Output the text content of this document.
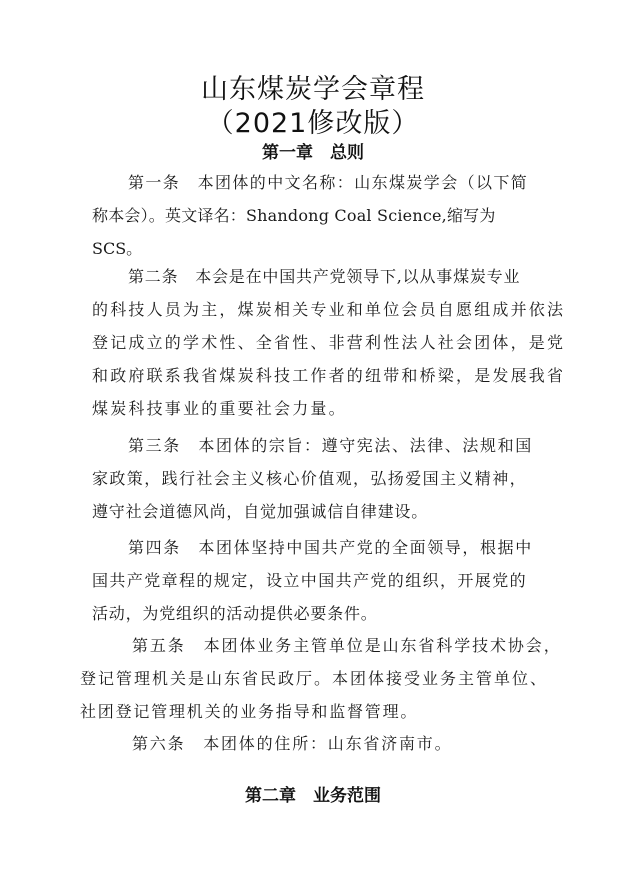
山东煤炭学会章程
（2021修改版）
第一章　总则
第一条　本团体的中文名称：山东煤炭学会（以下简
称本会）。英文译名：Shandong Coal Science,缩写为
SCS。
第二条　本会是在中国共产党领导下,以从事煤炭专业
的科技人员为主，煤炭相关专业和单位会员自愿组成并依法
登记成立的学术性、全省性、非营利性法人社会团体，是党
和政府联系我省煤炭科技工作者的纽带和桥梁，是发展我省
煤炭科技事业的重要社会力量。
第三条　本团体的宗旨：遵守宪法、法律、法规和国
家政策，践行社会主义核心价值观，弘扬爱国主义精神，
遵守社会道德风尚，自觉加强诚信自律建设。
第四条　本团体坚持中国共产党的全面领导，根据中
国共产党章程的规定，设立中国共产党的组织，开展党的
活动，为党组织的活动提供必要条件。
第五条　本团体业务主管单位是山东省科学技术协会，
登记管理机关是山东省民政厅。本团体接受业务主管单位、
社团登记管理机关的业务指导和监督管理。
第六条　本团体的住所：山东省济南市。
第二章　业务范围
